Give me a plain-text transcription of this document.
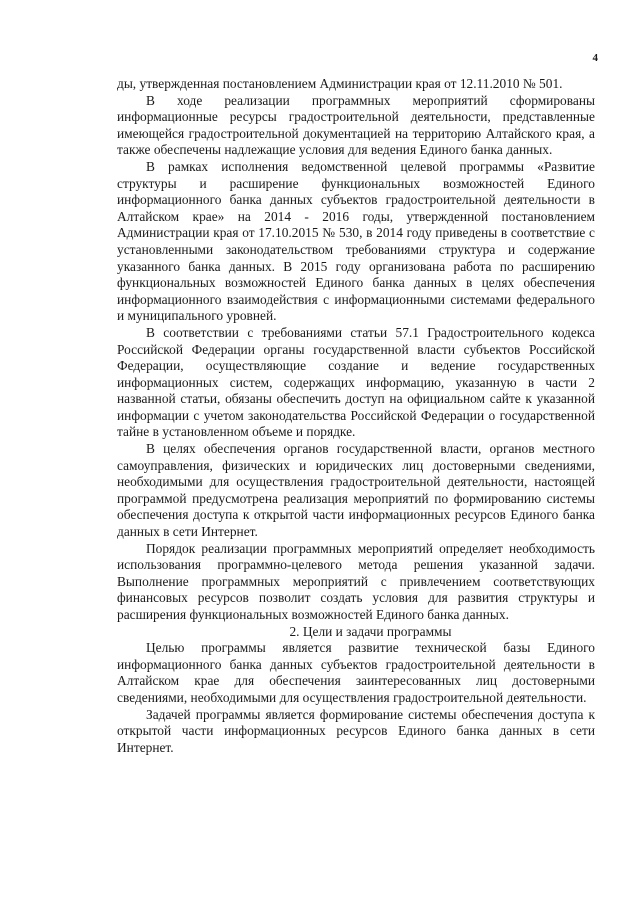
4

ды, утвержденная постановлением Администрации края от 12.11.2010 № 501.

В ходе реализации программных мероприятий сформированы информационные ресурсы градостроительной деятельности, представленные имеющейся градостроительной документацией на территорию Алтайского края, а также обеспечены надлежащие условия для ведения Единого банка данных.

В рамках исполнения ведомственной целевой программы «Развитие структуры и расширение функциональных возможностей Единого информационного банка данных субъектов градостроительной деятельности в Алтайском крае» на 2014 - 2016 годы, утвержденной постановлением Администрации края от 17.10.2015 № 530, в 2014 году приведены в соответствие с установленными законодательством требованиями структура и содержание указанного банка данных. В 2015 году организована работа по расширению функциональных возможностей Единого банка данных в целях обеспечения информационного взаимодействия с информационными системами федерального и муниципального уровней.

В соответствии с требованиями статьи 57.1 Градостроительного кодекса Российской Федерации органы государственной власти субъектов Российской Федерации, осуществляющие создание и ведение государственных информационных систем, содержащих информацию, указанную в части 2 названной статьи, обязаны обеспечить доступ на официальном сайте к указанной информации с учетом законодательства Российской Федерации о государственной тайне в установленном объеме и порядке.

В целях обеспечения органов государственной власти, органов местного самоуправления, физических и юридических лиц достоверными сведениями, необходимыми для осуществления градостроительной деятельности, настоящей программой предусмотрена реализация мероприятий по формированию системы обеспечения доступа к открытой части информационных ресурсов Единого банка данных в сети Интернет.

Порядок реализации программных мероприятий определяет необходимость использования программно-целевого метода решения указанной задачи. Выполнение программных мероприятий с привлечением соответствующих финансовых ресурсов позволит создать условия для развития структуры и расширения функциональных возможностей Единого банка данных.

2. Цели и задачи программы

Целью программы является развитие технической базы Единого информационного банка данных субъектов градостроительной деятельности в Алтайском крае для обеспечения заинтересованных лиц достоверными сведениями, необходимыми для осуществления градостроительной деятельности.

Задачей программы является формирование системы обеспечения доступа к открытой части информационных ресурсов Единого банка данных в сети Интернет.
